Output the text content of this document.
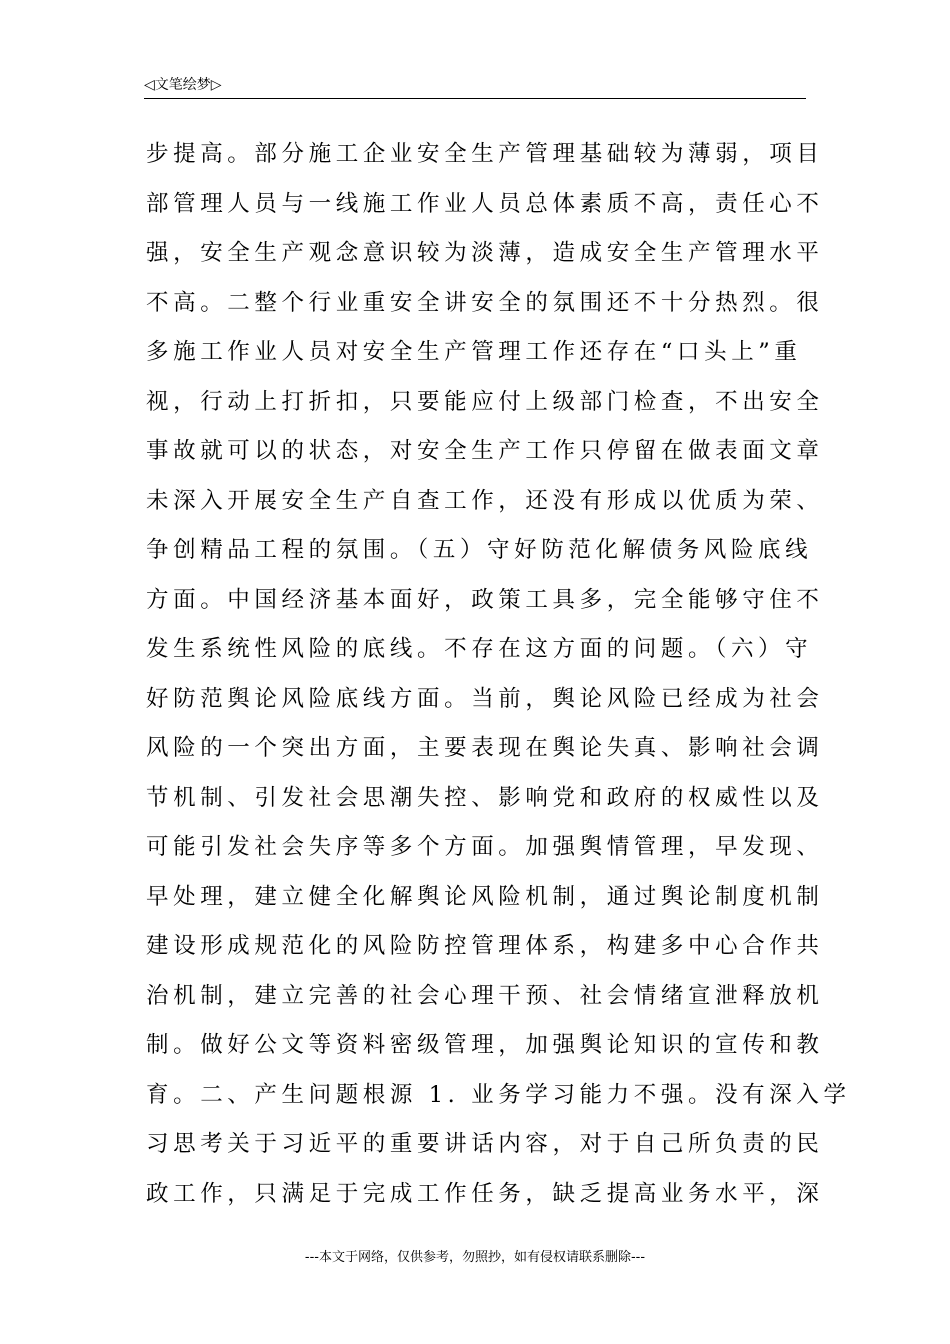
◁文笔绘梦▷
步提高。部分施工企业安全生产管理基础较为薄弱，项目
部管理人员与一线施工作业人员总体素质不高，责任心不
强，安全生产观念意识较为淡薄，造成安全生产管理水平
不高。二整个行业重安全讲安全的氛围还不十分热烈。很
多施工作业人员对安全生产管理工作还存在“口头上”重
视，行动上打折扣，只要能应付上级部门检查，不出安全
事故就可以的状态，对安全生产工作只停留在做表面文章
未深入开展安全生产自查工作，还没有形成以优质为荣、
争创精品工程的氛围。（五）守好防范化解债务风险底线
方面。中国经济基本面好，政策工具多，完全能够守住不
发生系统性风险的底线。不存在这方面的问题。（六）守
好防范舆论风险底线方面。当前，舆论风险已经成为社会
风险的一个突出方面，主要表现在舆论失真、影响社会调
节机制、引发社会思潮失控、影响党和政府的权威性以及
可能引发社会失序等多个方面。加强舆情管理，早发现、
早处理，建立健全化解舆论风险机制，通过舆论制度机制
建设形成规范化的风险防控管理体系，构建多中心合作共
治机制，建立完善的社会心理干预、社会情绪宣泄释放机
制。做好公文等资料密级管理，加强舆论知识的宣传和教
育。二、产生问题根源 1. 业务学习能力不强。没有深入学
习思考关于习近平的重要讲话内容，对于自己所负责的民
政工作，只满足于完成工作任务，缺乏提高业务水平，深
---本文于网络，仅供参考，勿照抄，如有侵权请联系删除---
